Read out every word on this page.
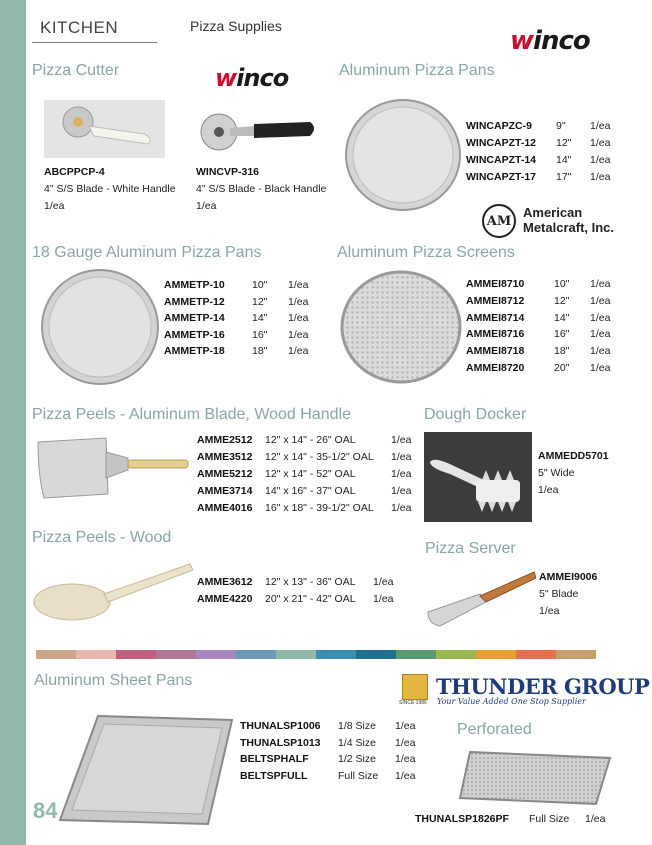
KITCHEN	Pizza Supplies	winco
Pizza Cutter	winco
ABCPPCP-4
4" S/S Blade - White Handle
1/ea
WINCVP-316
4" S/S Blade - Black Handle
1/ea
Aluminum Pizza Pans
WINCAPZC-9	9"	1/ea
WINCAPZT-12	12"	1/ea
WINCAPZT-14	14"	1/ea
WINCAPZT-17	17"	1/ea
AM
American
Metalcraft, Inc.
18 Gauge Aluminum Pizza Pans
AMMETP-10	10"	1/ea
AMMETP-12	12"	1/ea
AMMETP-14	14"	1/ea
AMMETP-16	16"	1/ea
AMMETP-18	18"	1/ea
Aluminum Pizza Screens
AMMEI8710	10"	1/ea
AMMEI8712	12"	1/ea
AMMEI8714	14"	1/ea
AMMEI8716	16"	1/ea
AMMEI8718	18"	1/ea
AMMEI8720	20"	1/ea
Pizza Peels - Aluminum Blade, Wood Handle
AMME2512	12" x 14" - 26" OAL	1/ea
AMME3512	12" x 14" - 35-1/2" OAL	1/ea
AMME5212	12" x 14" - 52" OAL	1/ea
AMME3714	14" x 16" - 37" OAL	1/ea
AMME4016	16" x 18" - 39-1/2" OAL	1/ea
Dough Docker
AMMEDD5701
5" Wide
1/ea
Pizza Peels - Wood
AMME3612	12" x 13" - 36" OAL	1/ea
AMME4220	20" x 21" - 42" OAL	1/ea
Pizza Server
AMMEI9006
5" Blade
1/ea
Aluminum Sheet Pans
SINCE 1986
THUNDER GROUP
Your Value Added One Stop Supplier
THUNALSP1006	1/8 Size	1/ea
THUNALSP1013	1/4 Size	1/ea
BELTSPHALF	1/2 Size	1/ea
BELTSPFULL	Full Size	1/ea
Perforated
THUNALSP1826PF Full Size 1/ea
84
